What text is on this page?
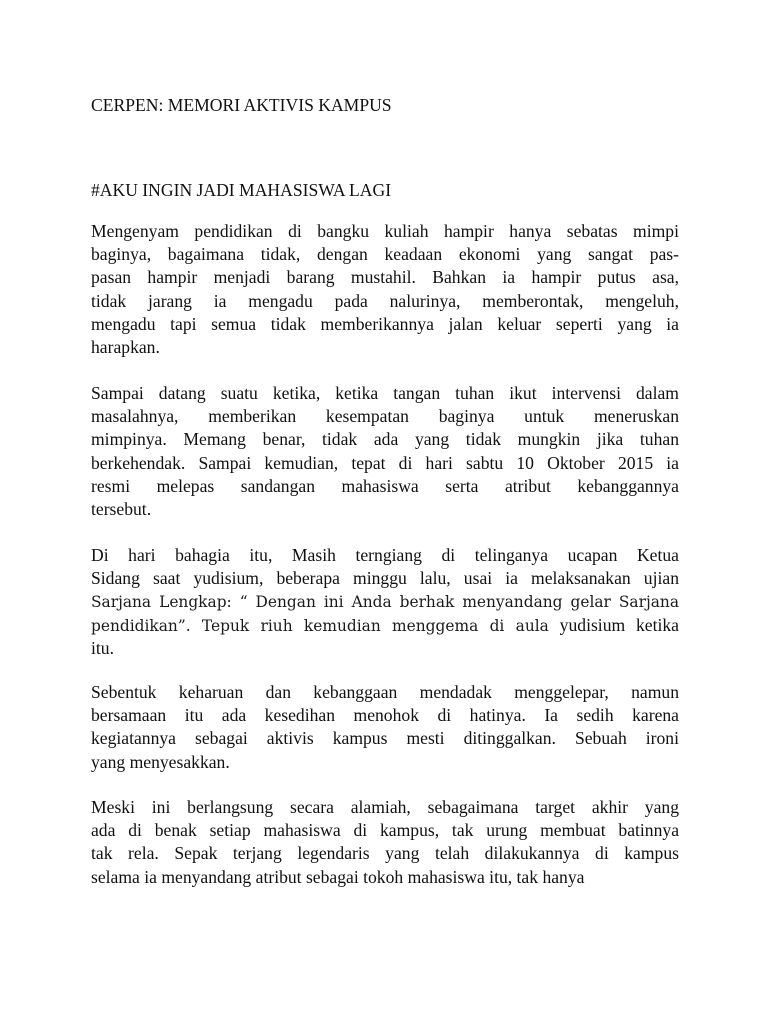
CERPEN: MEMORI AKTIVIS KAMPUS
#AKU INGIN JADI MAHASISWA LAGI
Mengenyam pendidikan di bangku kuliah hampir hanya sebatas mimpi
baginya, bagaimana tidak, dengan keadaan ekonomi yang sangat pas-
pasan hampir menjadi barang mustahil. Bahkan ia hampir putus asa,
tidak jarang ia mengadu pada nalurinya, memberontak, mengeluh,
mengadu tapi semua tidak memberikannya jalan keluar seperti yang ia
harapkan.
Sampai datang suatu ketika, ketika tangan tuhan ikut intervensi dalam
masalahnya, memberikan kesempatan baginya untuk meneruskan
mimpinya. Memang benar, tidak ada yang tidak mungkin jika tuhan
berkehendak. Sampai kemudian, tepat di hari sabtu 10 Oktober 2015 ia
resmi melepas sandangan mahasiswa serta atribut kebanggannya
tersebut.
Di hari bahagia itu, Masih terngiang di telinganya ucapan Ketua
Sidang saat yudisium, beberapa minggu lalu, usai ia melaksanakan ujian
Sarjana Lengkap: “ Dengan ini Anda berhak menyandang gelar Sarjana
pendidikan”. Tepuk riuh kemudian menggema di aula yudisium ketika
itu.
Sebentuk keharuan dan kebanggaan mendadak menggelepar, namun
bersamaan itu ada kesedihan menohok di hatinya. Ia sedih karena
kegiatannya sebagai aktivis kampus mesti ditinggalkan. Sebuah ironi
yang menyesakkan.
Meski ini berlangsung secara alamiah, sebagaimana target akhir yang
ada di benak setiap mahasiswa di kampus, tak urung membuat batinnya
tak rela. Sepak terjang legendaris yang telah dilakukannya di kampus
selama ia menyandang atribut sebagai tokoh mahasiswa itu, tak hanya
